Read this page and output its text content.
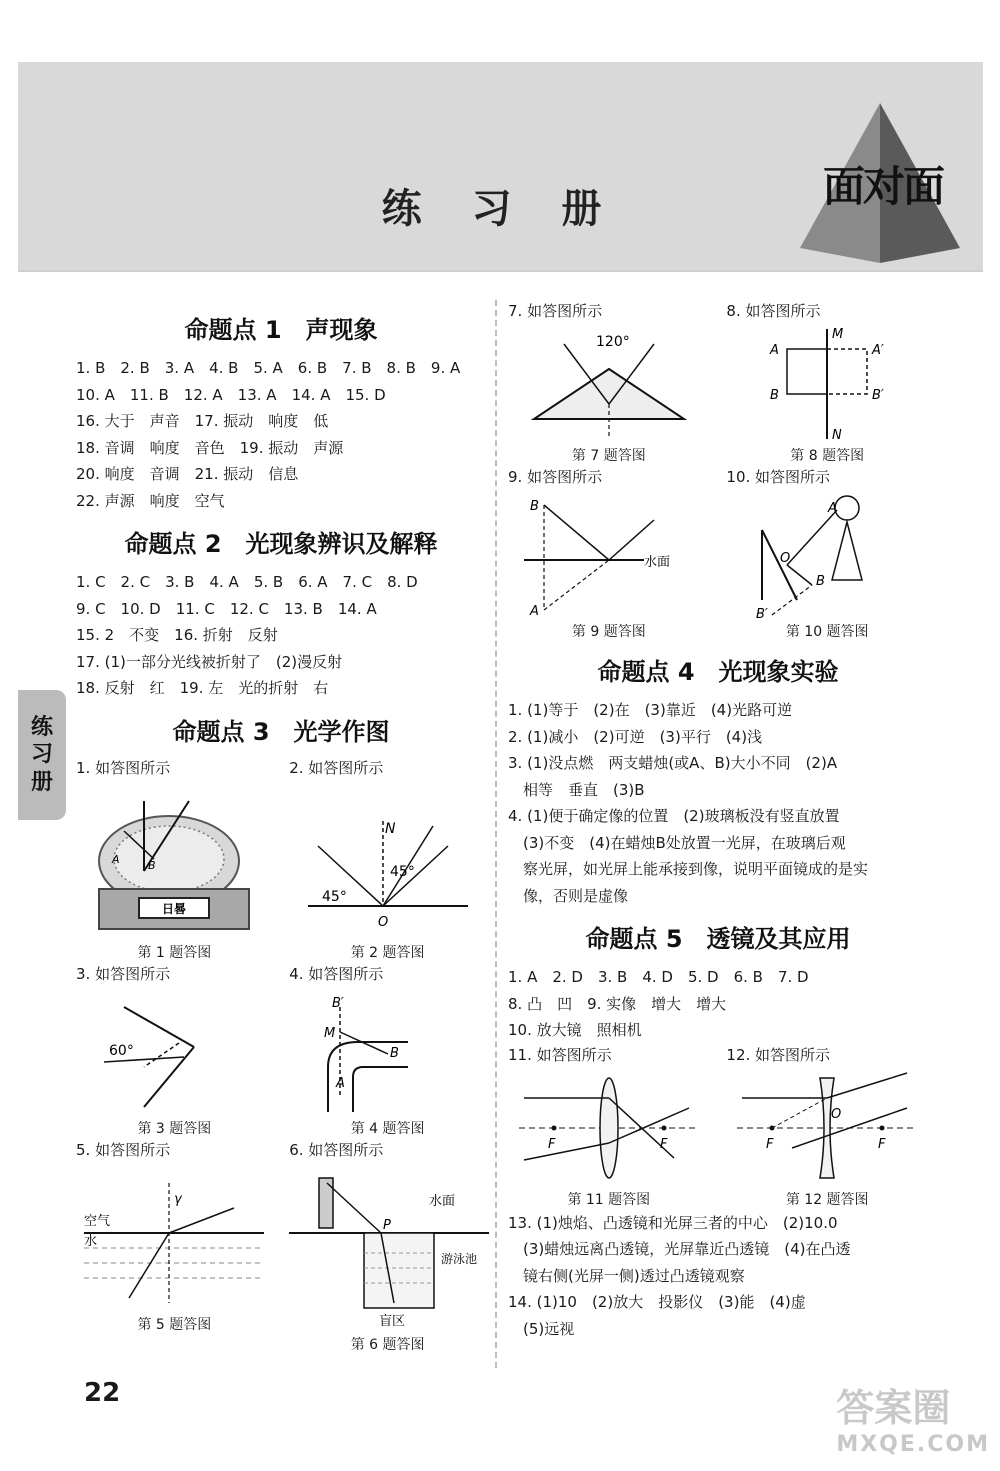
面对面
练 习 册
练
习
册
命题点 1　声现象
1. B　2. B　3. A　4. B　5. A　6. B　7. B　8. B　9. A
10. A　11. B　12. A　13. A　14. A　15. D
16. 大于　声音　17. 振动　响度　低
18. 音调　响度　音色　19. 振动　声源
20. 响度　音调　21. 振动　信息
22. 声源　响度　空气
命题点 2　光现象辨识及解释
1. C　2. C　3. B　4. A　5. B　6. A　7. C　8. D
9. C　10. D　11. C　12. C　13. B　14. A
15. 2　不变　16. 折射　反射
17. (1)一部分光线被折射了　(2)漫反射
18. 反射　红　19. 左　光的折射　右
命题点 3　光学作图
1. 如答图所示
日晷
A	B
第 1 题答图
2. 如答图所示
N
45°
45°
O
第 2 题答图
3. 如答图所示
60°
第 3 题答图
4. 如答图所示
B′
M
B
A
第 4 题答图
5. 如答图所示
空气
水
γ
第 5 题答图
6. 如答图所示
P
水面
游泳池
盲区
第 6 题答图
7. 如答图所示
120°
第 7 题答图
8. 如答图所示
M
N
A	A′
B	B′
第 8 题答图
9. 如答图所示
B
A
水面
第 9 题答图
10. 如答图所示
A
O
B
B′
第 10 题答图
命题点 4　光现象实验
1. (1)等于　(2)在　(3)靠近　(4)光路可逆
2. (1)减小　(2)可逆　(3)平行　(4)浅
3. (1)没点燃　两支蜡烛(或A、B)大小不同　(2)A
　相等　垂直　(3)B
4. (1)便于确定像的位置　(2)玻璃板没有竖直放置
　(3)不变　(4)在蜡烛B处放置一光屏，在玻璃后观
　察光屏，如光屏上能承接到像，说明平面镜成的是实
　像，否则是虚像
命题点 5　透镜及其应用
1. A　2. D　3. B　4. D　5. D　6. B　7. D
8. 凸　凹　9. 实像　增大　增大
10. 放大镜　照相机
11. 如答图所示
F	F
第 11 题答图
12. 如答图所示
F
O
F
第 12 题答图
13. (1)烛焰、凸透镜和光屏三者的中心　(2)10.0
　(3)蜡烛远离凸透镜，光屏靠近凸透镜　(4)在凸透
　镜右侧(光屏一侧)透过凸透镜观察
14. (1)10　(2)放大　投影仪　(3)能　(4)虚
　(5)远视
22	答案圈
MXQE.COM
